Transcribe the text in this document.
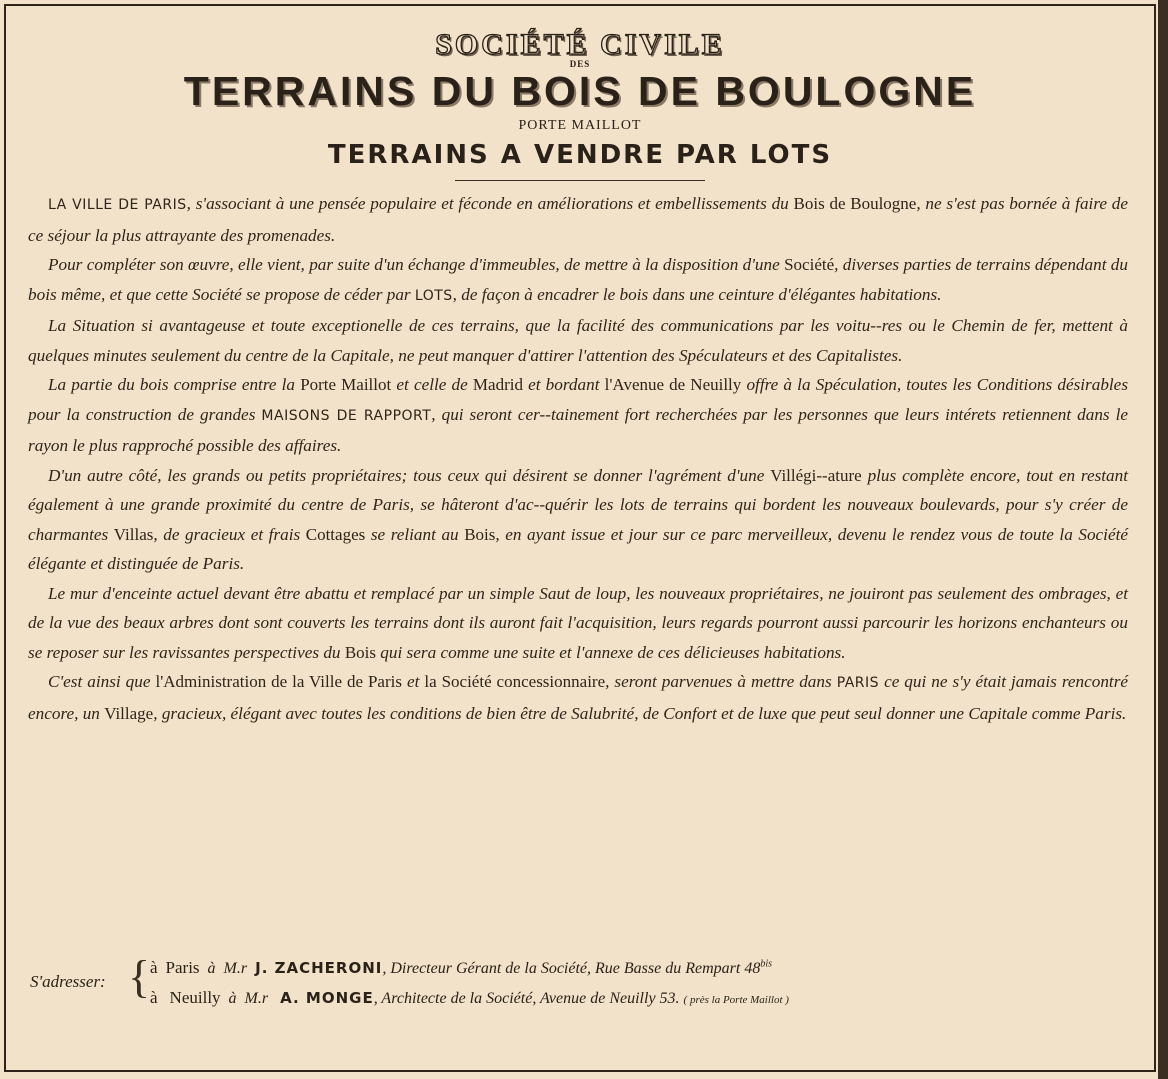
SOCIÉTÉ CIVILE
DES
TERRAINS DU BOIS DE BOULOGNE
PORTE MAILLOT
TERRAINS A VENDRE PAR LOTS

LA VILLE DE PARIS, s'associant à une pensée populaire et féconde en améliorations et embellissements du Bois de Boulogne, ne s'est pas bornée à faire de ce séjour la plus attrayante des promenades.

Pour compléter son œuvre, elle vient, par suite d'un échange d'immeubles, de mettre à la disposition d'une Société, diverses parties de terrains dépendant du bois même, et que cette Société se propose de céder par LOTS, de façon à encadrer le bois dans une ceinture d'élégantes habitations.

La Situation si avantageuse et toute exceptionelle de ces terrains, que la facilité des communications par les voitu--res ou le Chemin de fer, mettent à quelques minutes seulement du centre de la Capitale, ne peut manquer d'attirer l'attention des Spéculateurs et des Capitalistes.

La partie du bois comprise entre la Porte Maillot et celle de Madrid et bordant l'Avenue de Neuilly offre à la Spéculation, toutes les Conditions désirables pour la construction de grandes MAISONS DE RAPPORT, qui seront cer--tainement fort recherchées par les personnes que leurs intérets retiennent dans le rayon le plus rapproché possible des affaires.

D'un autre côté, les grands ou petits propriétaires; tous ceux qui désirent se donner l'agrément d'une Villégi--ature plus complète encore, tout en restant également à une grande proximité du centre de Paris, se hâteront d'ac--quérir les lots de terrains qui bordent les nouveaux boulevards, pour s'y créer de charmantes Villas, de gracieux et frais Cottages se reliant au Bois, en ayant issue et jour sur ce parc merveilleux, devenu le rendez vous de toute la Société élégante et distinguée de Paris.

Le mur d'enceinte actuel devant être abattu et remplacé par un simple Saut de loup, les nouveaux propriétaires, ne jouiront pas seulement des ombrages, et de la vue des beaux arbres dont sont couverts les terrains dont ils auront fait l'acquisition, leurs regards pourront aussi parcourir les horizons enchanteurs ou se reposer sur les ravissantes perspectives du Bois qui sera comme une suite et l'annexe de ces délicieuses habitations.

C'est ainsi que l'Administration de la Ville de Paris et la Société concessionnaire, seront parvenues à mettre dans PARIS ce qui ne s'y était jamais rencontré encore, un Village, gracieux, élégant avec toutes les conditions de bien être de Salubrité, de Confort et de luxe que peut seul donner une Capitale comme Paris.

S'adresser: { à Paris à M.r J. ZACHERONI, Directeur Gérant de la Société, Rue Basse du Rempart $48^{bis}$
à Neuilly à M.r A. MONGE, Architecte de la Société, Avenue de Neuilly 53. ( près la Porte Maillot )
